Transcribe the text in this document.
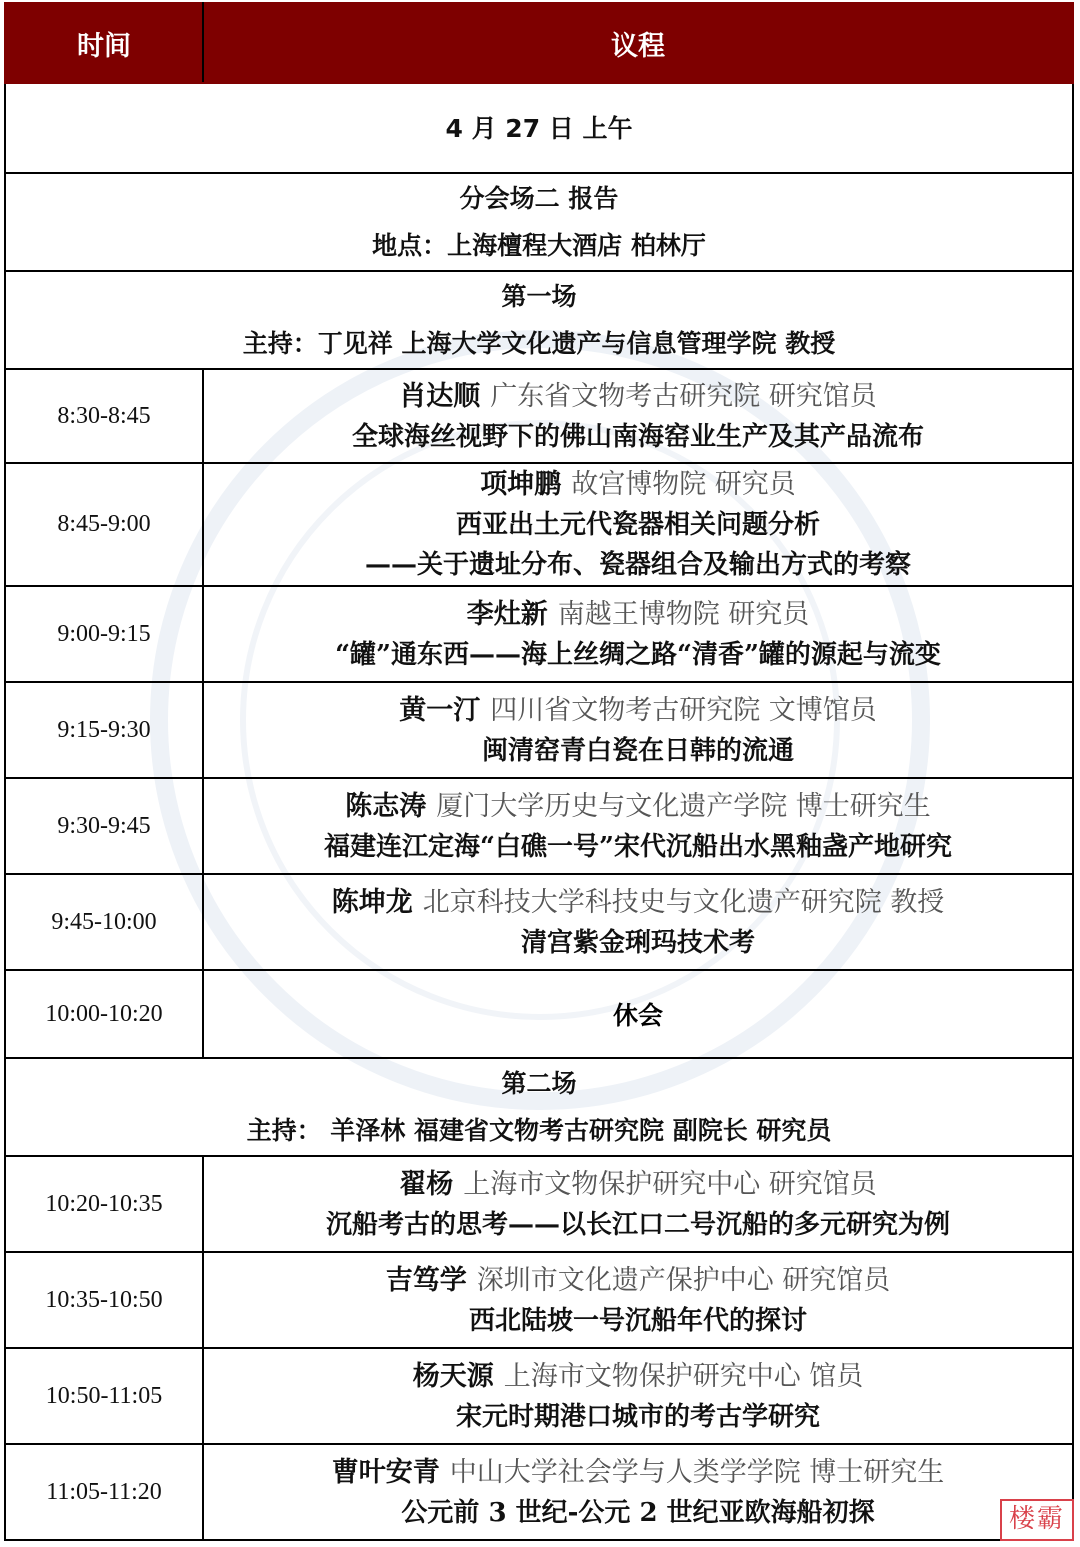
时间	议程
4 月 27 日 上午	

分会场二 报告
地点：上海檀程大酒店 柏林厅	

第一场
主持：丁见祥 上海大学文化遗产与信息管理学院 教授	

8:30-8:45	肖达顺 广东省文物考古研究院 研究馆员
全球海丝视野下的佛山南海窑业生产及其产品流布

8:45-9:00	项坤鹏 故宫博物院 研究员
西亚出土元代瓷器相关问题分析
——关于遗址分布、瓷器组合及输出方式的考察

9:00-9:15	李灶新 南越王博物院 研究员
“罐”通东西——海上丝绸之路“清香”罐的源起与流变

9:15-9:30	黄一汀 四川省文物考古研究院 文博馆员
闽清窑青白瓷在日韩的流通

9:30-9:45	陈志涛 厦门大学历史与文化遗产学院 博士研究生
福建连江定海“白礁一号”宋代沉船出水黑釉盏产地研究

9:45-10:00	陈坤龙 北京科技大学科技史与文化遗产研究院 教授
清宫紫金琍玛技术考

10:00-10:20	休会

第二场
主持： 羊泽林 福建省文物考古研究院 副院长 研究员	

10:20-10:35	翟杨 上海市文物保护研究中心 研究馆员
沉船考古的思考——以长江口二号沉船的多元研究为例

10:35-10:50	吉笃学 深圳市文化遗产保护中心 研究馆员
西北陆坡一号沉船年代的探讨

10:50-11:05	杨天源 上海市文物保护研究中心 馆员
宋元时期港口城市的考古学研究

11:05-11:20	曹叶安青 中山大学社会学与人类学学院 博士研究生
公元前 3 世纪-公元 2 世纪亚欧海船初探	楼霸
